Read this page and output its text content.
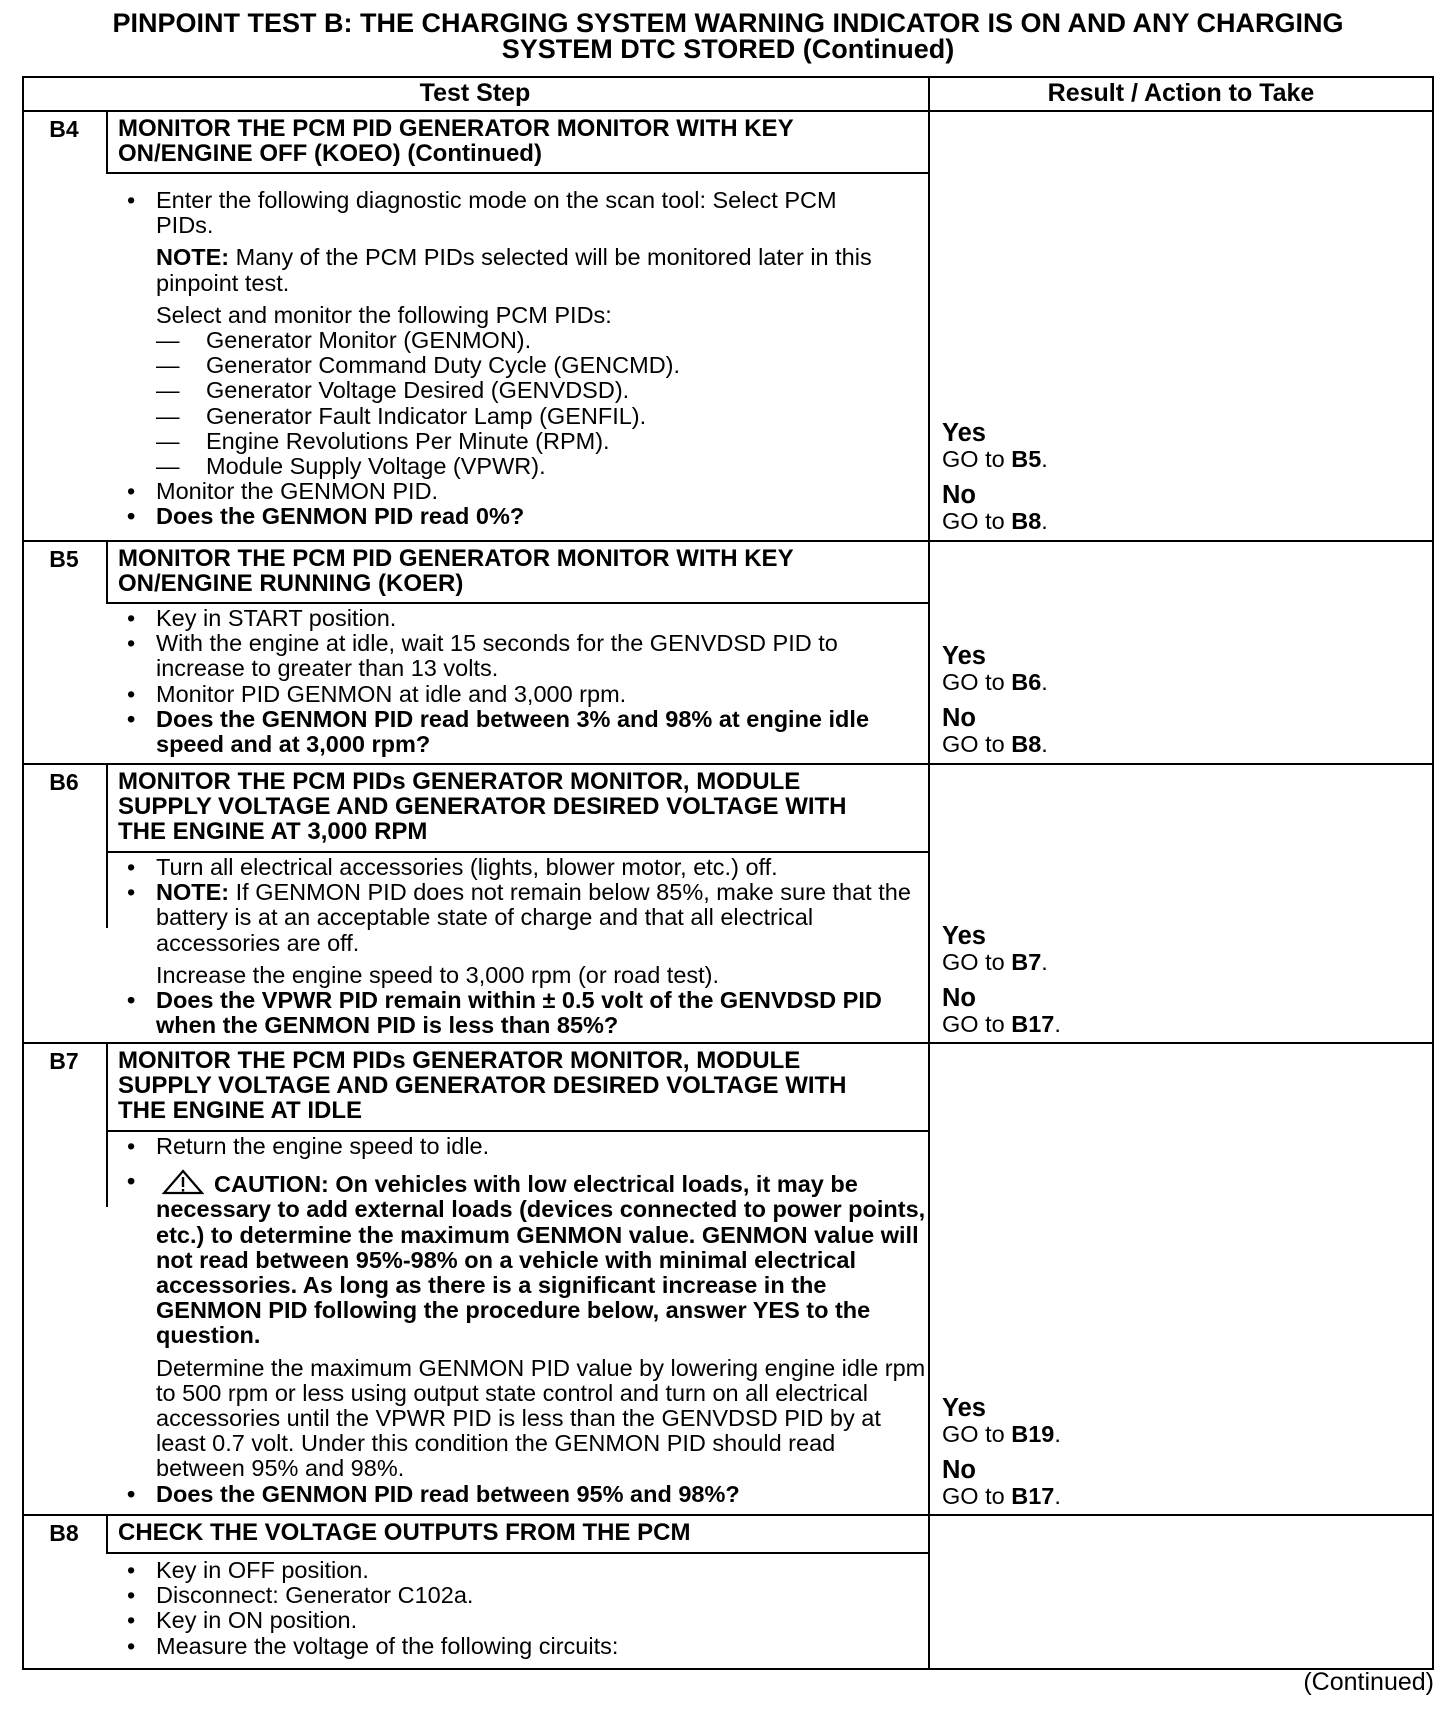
PINPOINT TEST B: THE CHARGING SYSTEM WARNING INDICATOR IS ON AND ANY CHARGING
SYSTEM DTC STORED (Continued)
Test Step	Result / Action to Take
B4	MONITOR THE PCM PID GENERATOR MONITOR WITH KEY ON/ENGINE OFF (KOEO) (Continued)

• Enter the following diagnostic mode on the scan tool: Select PCM PIDs.

NOTE: Many of the PCM PIDs selected will be monitored later in this pinpoint test.

Select and monitor the following PCM PIDs:

— Generator Monitor (GENMON).

— Generator Command Duty Cycle (GENCMD).

— Generator Voltage Desired (GENVDSD).

— Generator Fault Indicator Lamp (GENFIL).

— Engine Revolutions Per Minute (RPM).

— Module Supply Voltage (VPWR).

• Monitor the GENMON PID.

• Does the GENMON PID read 0%?

Yes
GO to B5.
No
GO to B8.
B5	MONITOR THE PCM PID GENERATOR MONITOR WITH KEY ON/ENGINE RUNNING (KOER)

• Key in START position.

• With the engine at idle, wait 15 seconds for the GENVDSD PID to increase to greater than 13 volts.

• Monitor PID GENMON at idle and 3,000 rpm.

• Does the GENMON PID read between 3% and 98% at engine idle speed and at 3,000 rpm?

Yes
GO to B6.
No
GO to B8.
B6	MONITOR THE PCM PIDs GENERATOR MONITOR, MODULE SUPPLY VOLTAGE AND GENERATOR DESIRED VOLTAGE WITH THE ENGINE AT 3,000 RPM

• Turn all electrical accessories (lights, blower motor, etc.) off.

• NOTE: If GENMON PID does not remain below 85%, make sure that the battery is at an acceptable state of charge and that all electrical accessories are off.

Increase the engine speed to 3,000 rpm (or road test).

• Does the VPWR PID remain within ± 0.5 volt of the GENVDSD PID when the GENMON PID is less than 85%?

Yes
GO to B7.
No
GO to B17.
B7	MONITOR THE PCM PIDs GENERATOR MONITOR, MODULE SUPPLY VOLTAGE AND GENERATOR DESIRED VOLTAGE WITH THE ENGINE AT IDLE

• Return the engine speed to idle.

• CAUTION: On vehicles with low electrical loads, it may be necessary to add external loads (devices connected to power points, etc.) to determine the maximum GENMON value. GENMON value will not read between 95%-98% on a vehicle with minimal electrical accessories. As long as there is a significant increase in the GENMON PID following the procedure below, answer YES to the question.

Determine the maximum GENMON PID value by lowering engine idle rpm to 500 rpm or less using output state control and turn on all electrical accessories until the VPWR PID is less than the GENVDSD PID by at least 0.7 volt. Under this condition the GENMON PID should read between 95% and 98%.

• Does the GENMON PID read between 95% and 98%?

Yes
GO to B19.
No
GO to B17.
B8	CHECK THE VOLTAGE OUTPUTS FROM THE PCM

• Key in OFF position.

• Disconnect: Generator C102a.

• Key in ON position.

• Measure the voltage of the following circuits:

(Continued)
